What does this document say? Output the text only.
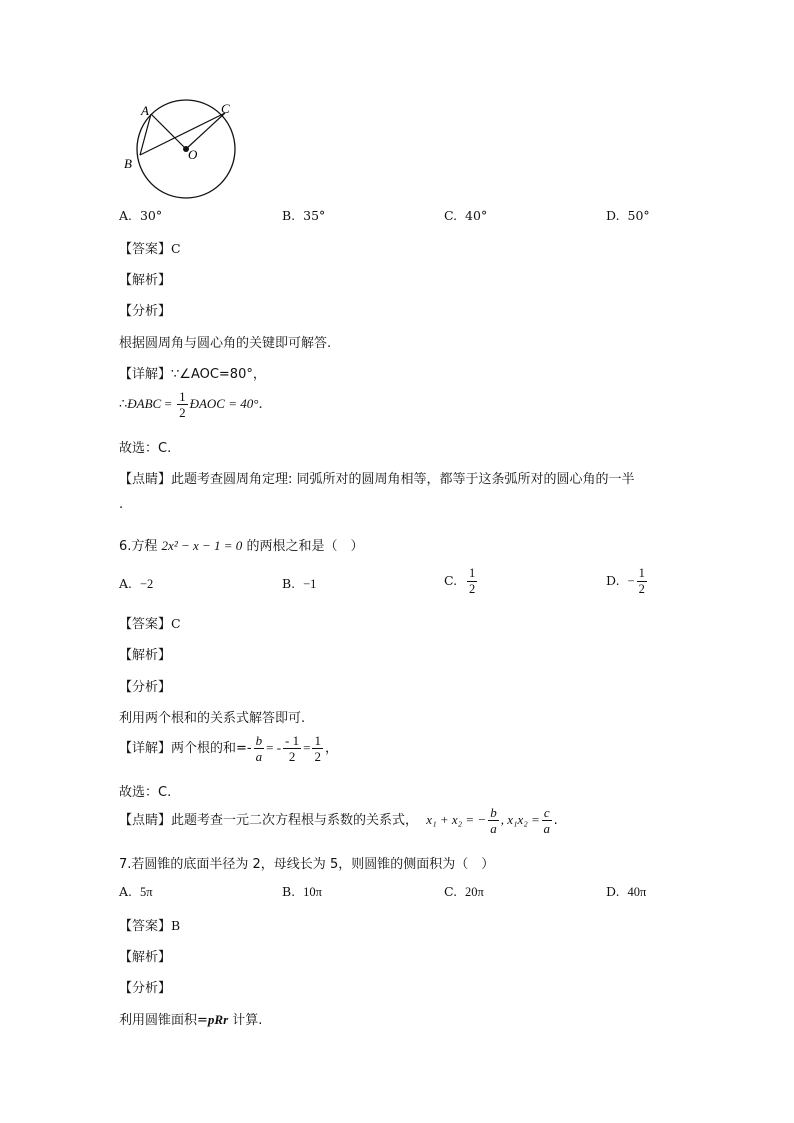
A	C
B
O
A. 30°	B. 35°	C. 40°	D. 50°
【答案】C
【解析】
【分析】
根据圆周角与圆心角的关键即可解答.
【详解】∵∠AOC=80°，
∴ÐABC = $\frac{1}{2}$ ÐAOC = 40°.
故选：C.
【点睛】此题考查圆周角定理: 同弧所对的圆周角相等，都等于这条弧所对的圆心角的一半
.
6.方程 2x² − x − 1 = 0 的两根之和是（　）
A. −2	B. −1	C. $\frac{1}{2}$	D. − $\frac{1}{2}$
【答案】C
【解析】
【分析】
利用两个根和的关系式解答即可.
【详解】两个根的和=- $\frac{b}{a}$ = - $\frac{- 1}{2} = \frac{1}{2}$ ，
故选：C.
【点睛】此题考查一元二次方程根与系数的关系式， x₁ + x₂ = − $\frac{b}{a}$ , $x_1x_2 = \frac{c}{a}$ .
7.若圆锥的底面半径为 2，母线长为 5，则圆锥的侧面积为（　）
A. 5π	B. 10π	C. 20π	D. 40π
【答案】B
【解析】
【分析】
利用圆锥面积=pRr 计算.
